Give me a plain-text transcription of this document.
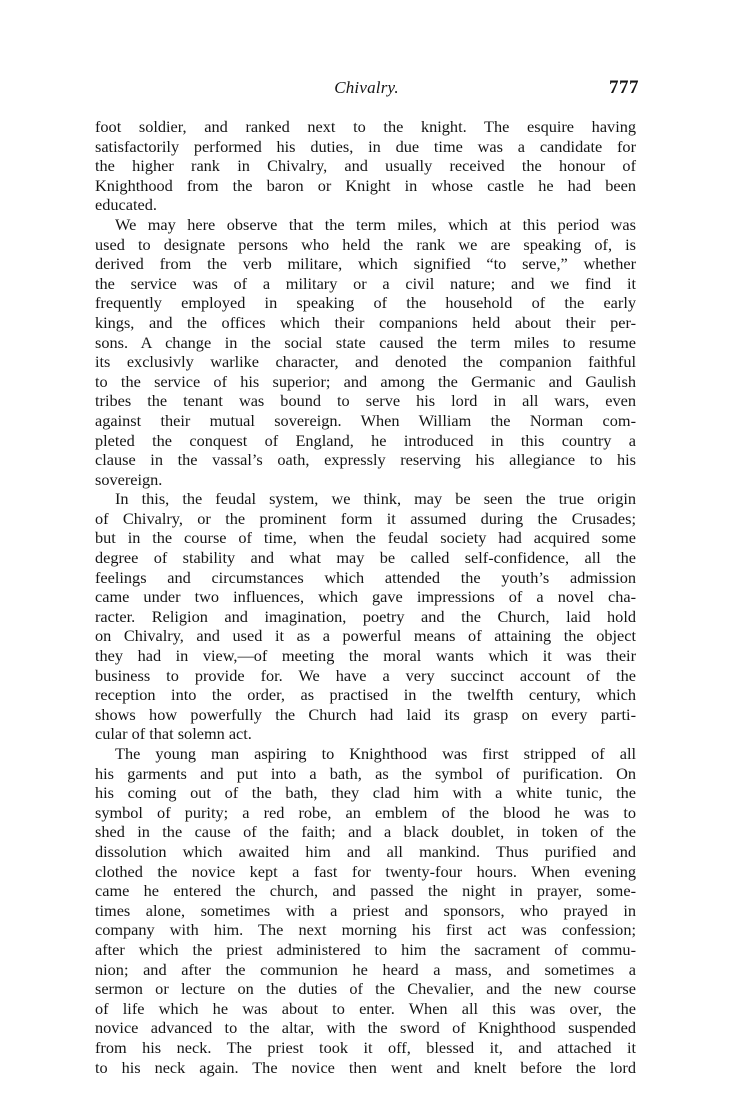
Chivalry.	777
foot soldier, and ranked next to the knight. The esquire having
satisfactorily performed his duties, in due time was a candidate for
the higher rank in Chivalry, and usually received the honour of
Knighthood from the baron or Knight in whose castle he had been
educated.
We may here observe that the term miles, which at this period was
used to designate persons who held the rank we are speaking of, is
derived from the verb militare, which signified “to serve,” whether
the service was of a military or a civil nature; and we find it
frequently employed in speaking of the household of the early
kings, and the offices which their companions held about their per-
sons. A change in the social state caused the term miles to resume
its exclusivly warlike character, and denoted the companion faithful
to the service of his superior; and among the Germanic and Gaulish
tribes the tenant was bound to serve his lord in all wars, even
against their mutual sovereign. When William the Norman com-
pleted the conquest of England, he introduced in this country a
clause in the vassal’s oath, expressly reserving his allegiance to his
sovereign.
In this, the feudal system, we think, may be seen the true origin
of Chivalry, or the prominent form it assumed during the Crusades;
but in the course of time, when the feudal society had acquired some
degree of stability and what may be called self-confidence, all the
feelings and circumstances which attended the youth’s admission
came under two influences, which gave impressions of a novel cha-
racter. Religion and imagination, poetry and the Church, laid hold
on Chivalry, and used it as a powerful means of attaining the object
they had in view,—of meeting the moral wants which it was their
business to provide for. We have a very succinct account of the
reception into the order, as practised in the twelfth century, which
shows how powerfully the Church had laid its grasp on every parti-
cular of that solemn act.
The young man aspiring to Knighthood was first stripped of all
his garments and put into a bath, as the symbol of purification. On
his coming out of the bath, they clad him with a white tunic, the
symbol of purity; a red robe, an emblem of the blood he was to
shed in the cause of the faith; and a black doublet, in token of the
dissolution which awaited him and all mankind. Thus purified and
clothed the novice kept a fast for twenty-four hours. When evening
came he entered the church, and passed the night in prayer, some-
times alone, sometimes with a priest and sponsors, who prayed in
company with him. The next morning his first act was confession;
after which the priest administered to him the sacrament of commu-
nion; and after the communion he heard a mass, and sometimes a
sermon or lecture on the duties of the Chevalier, and the new course
of life which he was about to enter. When all this was over, the
novice advanced to the altar, with the sword of Knighthood suspended
from his neck. The priest took it off, blessed it, and attached it
to his neck again. The novice then went and knelt before the lord
